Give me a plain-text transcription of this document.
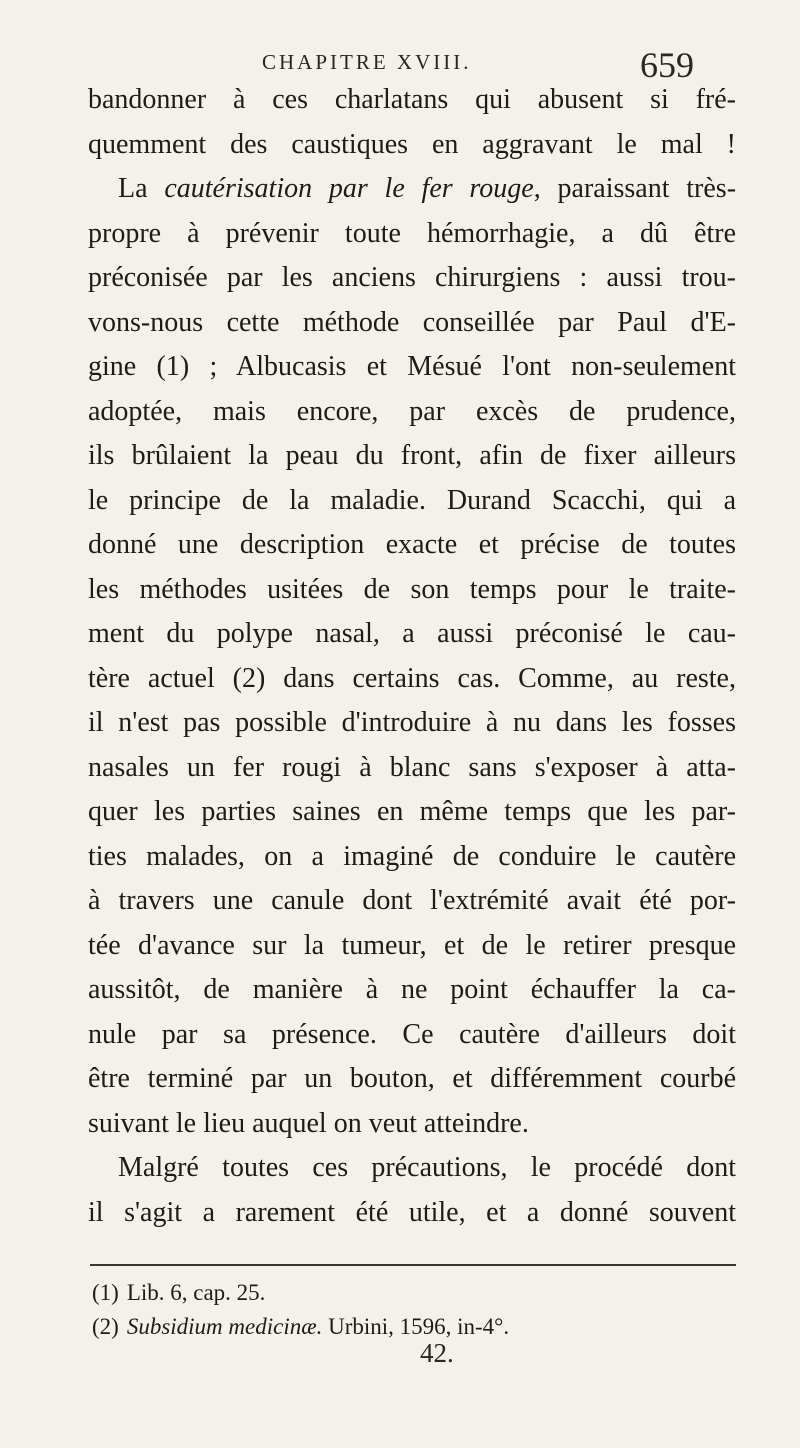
CHAPITRE XVIII.	659
bandonner à ces charlatans qui abusent si fré-
quemment des caustiques en aggravant le mal !
La cautérisation par le fer rouge, paraissant très-
propre à prévenir toute hémorrhagie, a dû être
préconisée par les anciens chirurgiens : aussi trou-
vons-nous cette méthode conseillée par Paul d'E-
gine (1) ; Albucasis et Mésué l'ont non-seulement
adoptée, mais encore, par excès de prudence,
ils brûlaient la peau du front, afin de fixer ailleurs
le principe de la maladie. Durand Scacchi, qui a
donné une description exacte et précise de toutes
les méthodes usitées de son temps pour le traite-
ment du polype nasal, a aussi préconisé le cau-
tère actuel (2) dans certains cas. Comme, au reste,
il n'est pas possible d'introduire à nu dans les fosses
nasales un fer rougi à blanc sans s'exposer à atta-
quer les parties saines en même temps que les par-
ties malades, on a imaginé de conduire le cautère
à travers une canule dont l'extrémité avait été por-
tée d'avance sur la tumeur, et de le retirer presque
aussitôt, de manière à ne point échauffer la ca-
nule par sa présence. Ce cautère d'ailleurs doit
être terminé par un bouton, et différemment courbé
suivant le lieu auquel on veut atteindre.
Malgré toutes ces précautions, le procédé dont
il s'agit a rarement été utile, et a donné souvent
(1) Lib. 6, cap. 25.
(2) Subsidium medicinæ. Urbini, 1596, in-4°.
42.
